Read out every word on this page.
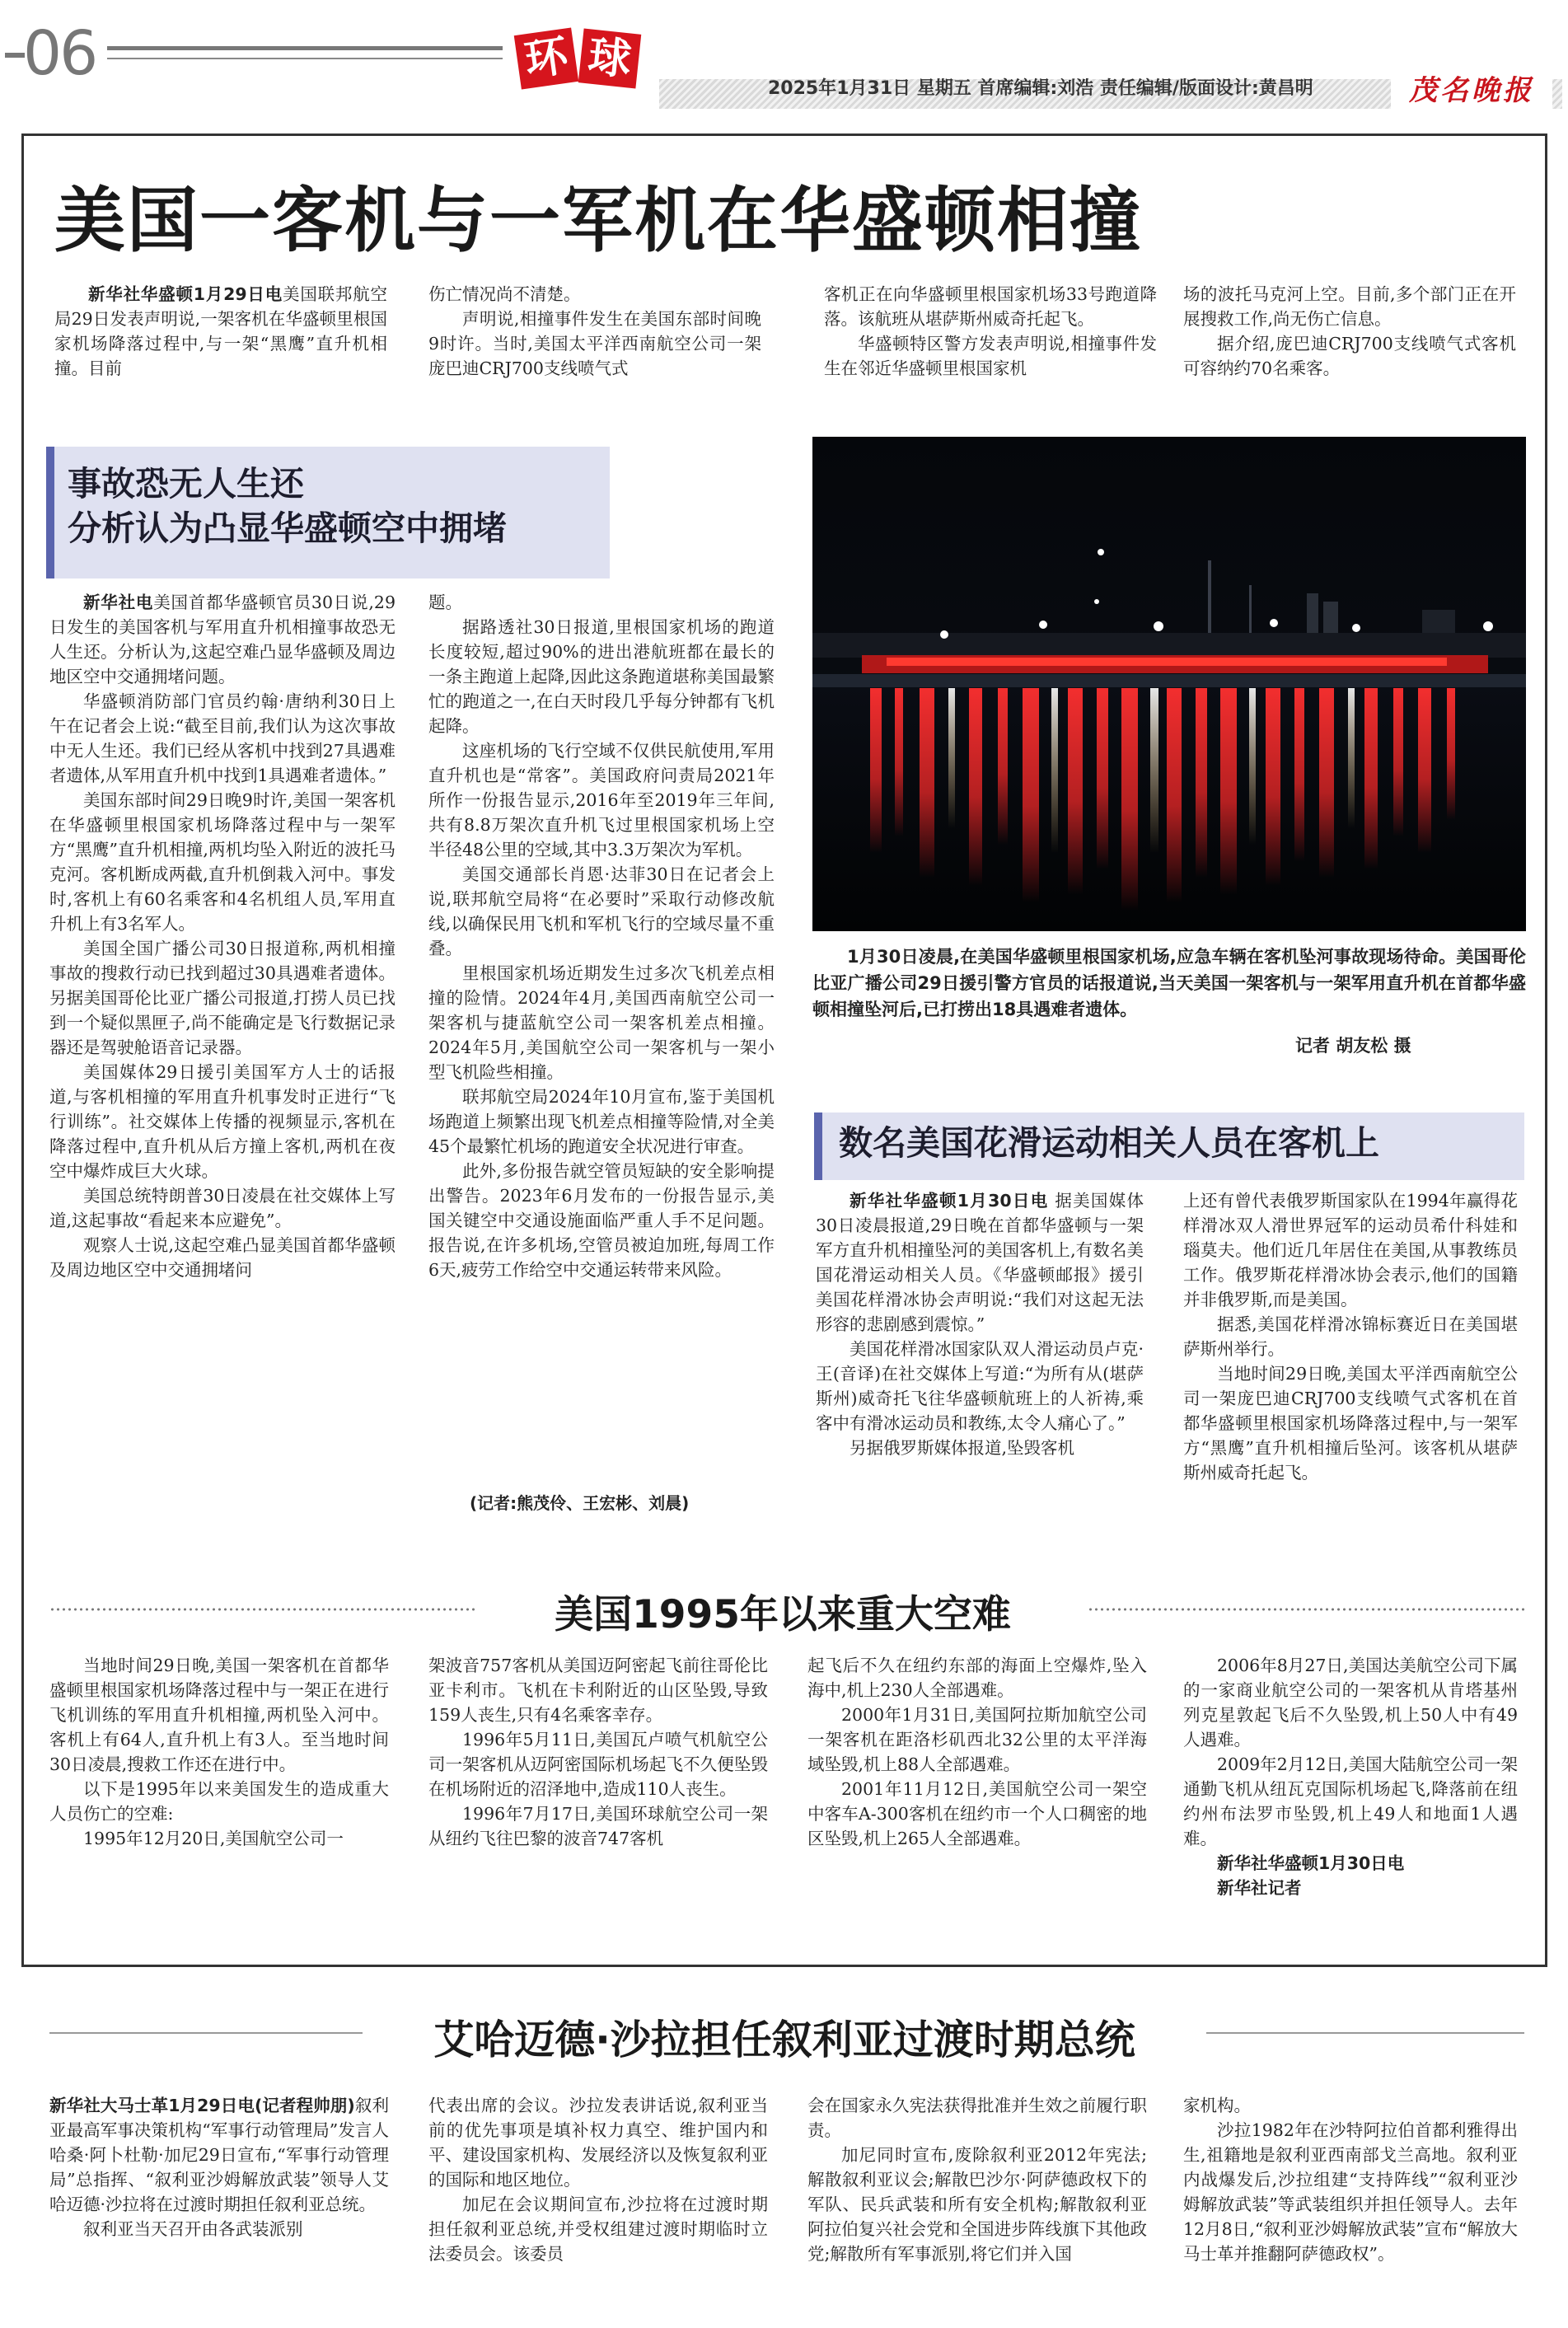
06	环 球
2025年1月31日 星期五 首席编辑:刘浩 责任编辑/版面设计:黄昌明	茂名晚报
美国一客机与一军机在华盛顿相撞

新华社华盛顿1月29日电美国联邦航空局29日发表声明说,一架客机在华盛顿里根国家机场降落过程中,与一架“黑鹰”直升机相撞。目前

伤亡情况尚不清楚。

声明说,相撞事件发生在美国东部时间晚9时许。当时,美国太平洋西南航空公司一架庞巴迪CRJ700支线喷气式

客机正在向华盛顿里根国家机场33号跑道降落。该航班从堪萨斯州威奇托起飞。

华盛顿特区警方发表声明说,相撞事件发生在邻近华盛顿里根国家机

场的波托马克河上空。目前,多个部门正在开展搜救工作,尚无伤亡信息。

据介绍,庞巴迪CRJ700支线喷气式客机可容纳约70名乘客。

事故恐无人生还
分析认为凸显华盛顿空中拥堵

新华社电美国首都华盛顿官员30日说,29日发生的美国客机与军用直升机相撞事故恐无人生还。分析认为,这起空难凸显华盛顿及周边地区空中交通拥堵问题。

华盛顿消防部门官员约翰·唐纳利30日上午在记者会上说:“截至目前,我们认为这次事故中无人生还。我们已经从客机中找到27具遇难者遗体,从军用直升机中找到1具遇难者遗体。”

美国东部时间29日晚9时许,美国一架客机在华盛顿里根国家机场降落过程中与一架军方“黑鹰”直升机相撞,两机均坠入附近的波托马克河。客机断成两截,直升机倒栽入河中。事发时,客机上有60名乘客和4名机组人员,军用直升机上有3名军人。

美国全国广播公司30日报道称,两机相撞事故的搜救行动已找到超过30具遇难者遗体。另据美国哥伦比亚广播公司报道,打捞人员已找到一个疑似黑匣子,尚不能确定是飞行数据记录器还是驾驶舱语音记录器。

美国媒体29日援引美国军方人士的话报道,与客机相撞的军用直升机事发时正进行“飞行训练”。社交媒体上传播的视频显示,客机在降落过程中,直升机从后方撞上客机,两机在夜空中爆炸成巨大火球。

美国总统特朗普30日凌晨在社交媒体上写道,这起事故“看起来本应避免”。

观察人士说,这起空难凸显美国首都华盛顿及周边地区空中交通拥堵问

题。

据路透社30日报道,里根国家机场的跑道长度较短,超过90%的进出港航班都在最长的一条主跑道上起降,因此这条跑道堪称美国最繁忙的跑道之一,在白天时段几乎每分钟都有飞机起降。

这座机场的飞行空域不仅供民航使用,军用直升机也是“常客”。美国政府问责局2021年所作一份报告显示,2016年至2019年三年间,共有8.8万架次直升机飞过里根国家机场上空半径48公里的空域,其中3.3万架次为军机。

美国交通部长肖恩·达菲30日在记者会上说,联邦航空局将“在必要时”采取行动修改航线,以确保民用飞机和军机飞行的空域尽量不重叠。

里根国家机场近期发生过多次飞机差点相撞的险情。2024年4月,美国西南航空公司一架客机与捷蓝航空公司一架客机差点相撞。2024年5月,美国航空公司一架客机与一架小型飞机险些相撞。

联邦航空局2024年10月宣布,鉴于美国机场跑道上频繁出现飞机差点相撞等险情,对全美45个最繁忙机场的跑道安全状况进行审查。

此外,多份报告就空管员短缺的安全影响提出警告。2023年6月发布的一份报告显示,美国关键空中交通设施面临严重人手不足问题。报告说,在许多机场,空管员被迫加班,每周工作6天,疲劳工作给空中交通运转带来风险。

(记者:熊茂伶、王宏彬、刘晨)
1月30日凌晨,在美国华盛顿里根国家机场,应急车辆在客机坠河事故现场待命。美国哥伦比亚广播公司29日援引警方官员的话报道说,当天美国一架客机与一架军用直升机在首都华盛顿相撞坠河后,已打捞出18具遇难者遗体。
记者 胡友松 摄
数名美国花滑运动相关人员在客机上

新华社华盛顿1月30日电 据美国媒体30日凌晨报道,29日晚在首都华盛顿与一架军方直升机相撞坠河的美国客机上,有数名美国花滑运动相关人员。《华盛顿邮报》援引美国花样滑冰协会声明说:“我们对这起无法形容的悲剧感到震惊。”

美国花样滑冰国家队双人滑运动员卢克·王(音译)在社交媒体上写道:“为所有从(堪萨斯州)威奇托飞往华盛顿航班上的人祈祷,乘客中有滑冰运动员和教练,太令人痛心了。”

另据俄罗斯媒体报道,坠毁客机

上还有曾代表俄罗斯国家队在1994年赢得花样滑冰双人滑世界冠军的运动员希什科娃和瑙莫夫。他们近几年居住在美国,从事教练员工作。俄罗斯花样滑冰协会表示,他们的国籍并非俄罗斯,而是美国。

据悉,美国花样滑冰锦标赛近日在美国堪萨斯州举行。

当地时间29日晚,美国太平洋西南航空公司一架庞巴迪CRJ700支线喷气式客机在首都华盛顿里根国家机场降落过程中,与一架军方“黑鹰”直升机相撞后坠河。该客机从堪萨斯州威奇托起飞。

美国1995年以来重大空难

当地时间29日晚,美国一架客机在首都华盛顿里根国家机场降落过程中与一架正在进行飞机训练的军用直升机相撞,两机坠入河中。客机上有64人,直升机上有3人。至当地时间30日凌晨,搜救工作还在进行中。

以下是1995年以来美国发生的造成重大人员伤亡的空难:

1995年12月20日,美国航空公司一

架波音757客机从美国迈阿密起飞前往哥伦比亚卡利市。飞机在卡利附近的山区坠毁,导致159人丧生,只有4名乘客幸存。

1996年5月11日,美国瓦卢喷气机航空公司一架客机从迈阿密国际机场起飞不久便坠毁在机场附近的沼泽地中,造成110人丧生。

1996年7月17日,美国环球航空公司一架从纽约飞往巴黎的波音747客机

起飞后不久在纽约东部的海面上空爆炸,坠入海中,机上230人全部遇难。

2000年1月31日,美国阿拉斯加航空公司一架客机在距洛杉矶西北32公里的太平洋海域坠毁,机上88人全部遇难。

2001年11月12日,美国航空公司一架空中客车A-300客机在纽约市一个人口稠密的地区坠毁,机上265人全部遇难。

2006年8月27日,美国达美航空公司下属的一家商业航空公司的一架客机从肯塔基州列克星敦起飞后不久坠毁,机上50人中有49人遇难。

2009年2月12日,美国大陆航空公司一架通勤飞机从纽瓦克国际机场起飞,降落前在纽约州布法罗市坠毁,机上49人和地面1人遇难。

新华社华盛顿1月30日电

新华社记者

艾哈迈德·沙拉担任叙利亚过渡时期总统

新华社大马士革1月29日电(记者程帅朋)叙利亚最高军事决策机构“军事行动管理局”发言人哈桑·阿卜杜勒·加尼29日宣布,“军事行动管理局”总指挥、“叙利亚沙姆解放武装”领导人艾哈迈德·沙拉将在过渡时期担任叙利亚总统。

叙利亚当天召开由各武装派别

代表出席的会议。沙拉发表讲话说,叙利亚当前的优先事项是填补权力真空、维护国内和平、建设国家机构、发展经济以及恢复叙利亚的国际和地区地位。

加尼在会议期间宣布,沙拉将在过渡时期担任叙利亚总统,并受权组建过渡时期临时立法委员会。该委员

会在国家永久宪法获得批准并生效之前履行职责。

加尼同时宣布,废除叙利亚2012年宪法;解散叙利亚议会;解散巴沙尔·阿萨德政权下的军队、民兵武装和所有安全机构;解散叙利亚阿拉伯复兴社会党和全国进步阵线旗下其他政党;解散所有军事派别,将它们并入国

家机构。

沙拉1982年在沙特阿拉伯首都利雅得出生,祖籍地是叙利亚西南部戈兰高地。叙利亚内战爆发后,沙拉组建“支持阵线”“叙利亚沙姆解放武装”等武装组织并担任领导人。去年12月8日,“叙利亚沙姆解放武装”宣布“解放大马士革并推翻阿萨德政权”。
